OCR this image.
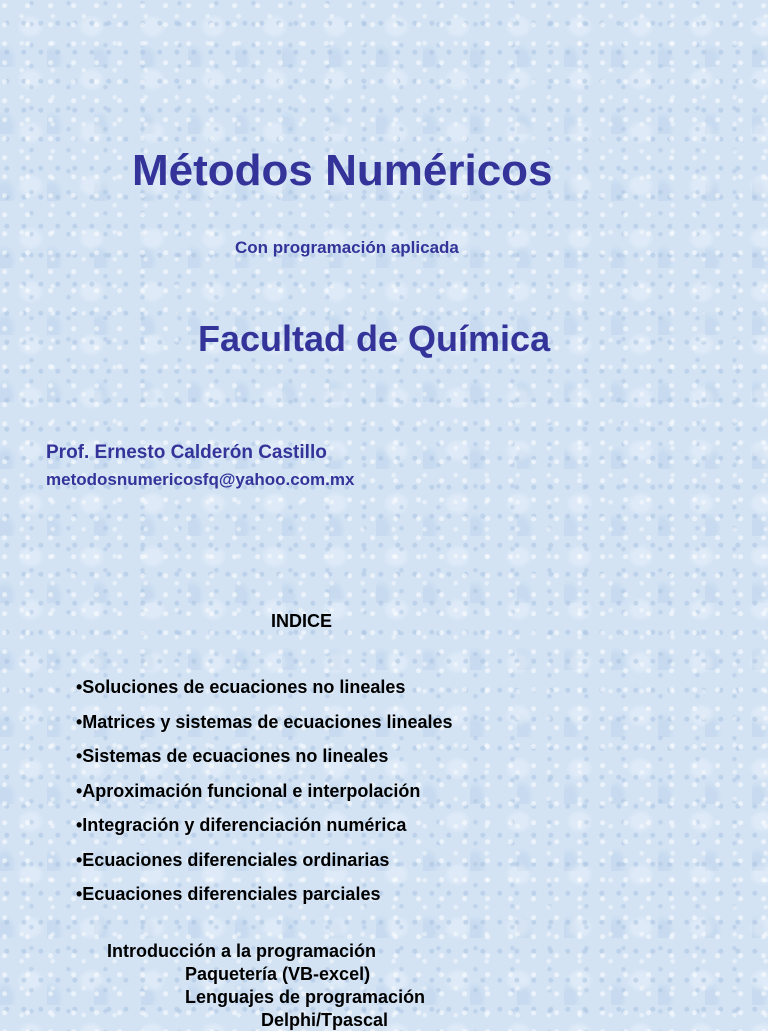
Métodos Numéricos

Con programación aplicada

Facultad de Química

Prof. Ernesto Calderón Castillo

metodosnumericosfq@yahoo.com.mx

INDICE

•Soluciones de ecuaciones no lineales
•Matrices y sistemas de ecuaciones lineales
•Sistemas de ecuaciones no lineales
•Aproximación funcional e interpolación
•Integración y diferenciación numérica
•Ecuaciones diferenciales ordinarias
•Ecuaciones diferenciales parciales

Introducción a la programación

Paquetería (VB-excel)

Lenguajes de programación

Delphi/Tpascal
